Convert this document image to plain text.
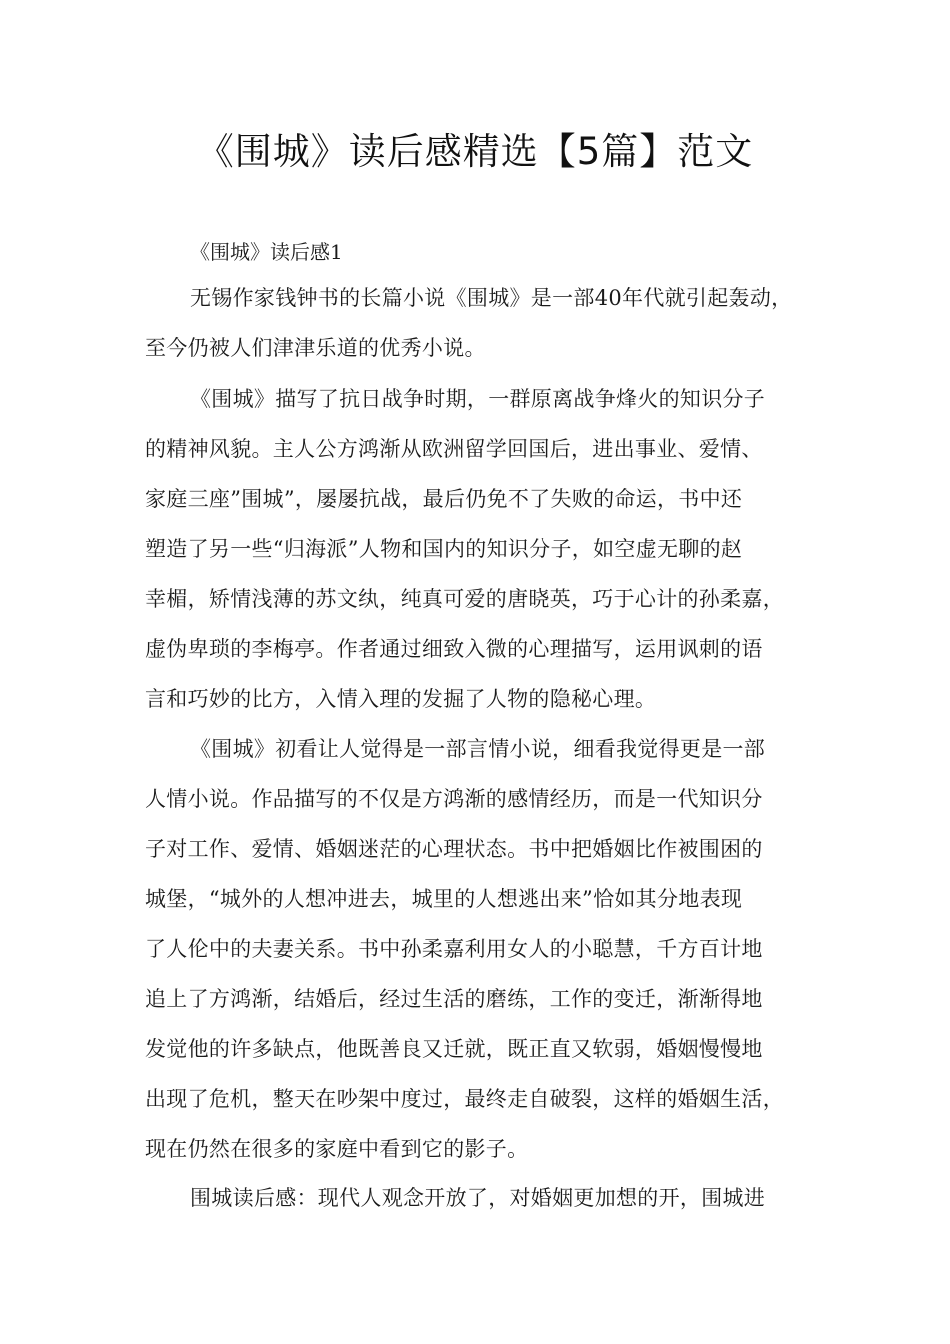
《围城》读后感精选【5篇】范文
《围城》读后感1
无锡作家钱钟书的长篇小说《围城》是一部40年代就引起轰动，
至今仍被人们津津乐道的优秀小说。
《围城》描写了抗日战争时期，一群原离战争烽火的知识分子
的精神风貌。主人公方鸿渐从欧洲留学回国后，进出事业、爱情、
家庭三座”围城”，屡屡抗战，最后仍免不了失败的命运，书中还
塑造了另一些“归海派”人物和国内的知识分子，如空虚无聊的赵
幸楣，矫情浅薄的苏文纨，纯真可爱的唐晓英，巧于心计的孙柔嘉，
虚伪卑琐的李梅亭。作者通过细致入微的心理描写，运用讽刺的语
言和巧妙的比方，入情入理的发掘了人物的隐秘心理。
《围城》初看让人觉得是一部言情小说，细看我觉得更是一部
人情小说。作品描写的不仅是方鸿渐的感情经历，而是一代知识分
子对工作、爱情、婚姻迷茫的心理状态。书中把婚姻比作被围困的
城堡，“城外的人想冲进去，城里的人想逃出来”恰如其分地表现
了人伦中的夫妻关系。书中孙柔嘉利用女人的小聪慧，千方百计地
追上了方鸿渐，结婚后，经过生活的磨练，工作的变迁，渐渐得地
发觉他的许多缺点，他既善良又迁就，既正直又软弱，婚姻慢慢地
出现了危机，整天在吵架中度过，最终走自破裂，这样的婚姻生活，
现在仍然在很多的家庭中看到它的影子。
围城读后感：现代人观念开放了，对婚姻更加想的开，围城进
